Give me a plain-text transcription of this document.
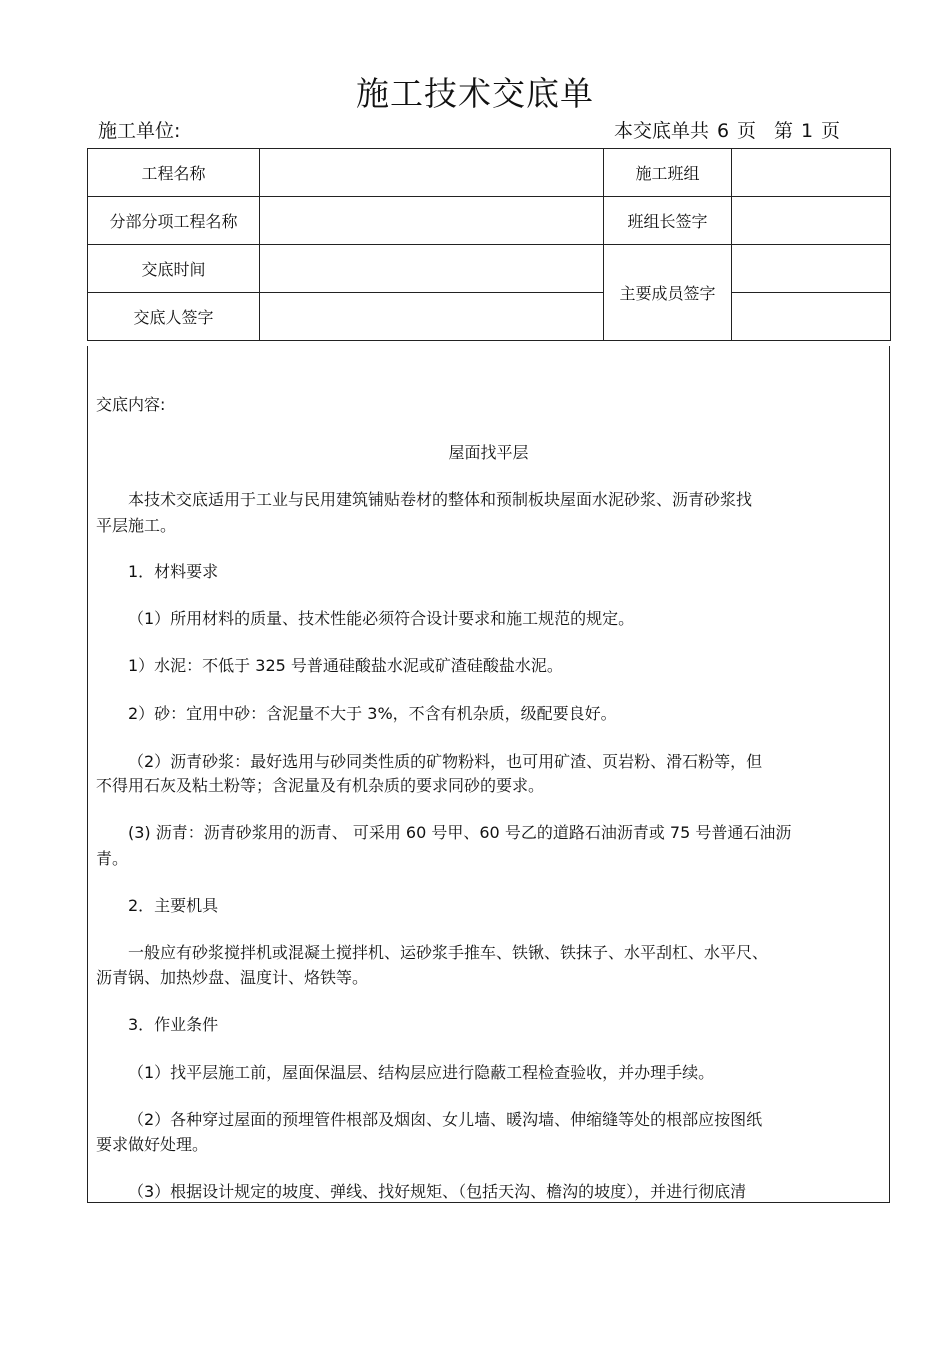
施工技术交底单
施工单位:	本交底单共 6 页 第 1 页
工程名称		施工班组	
分部分项工程名称		班组长签字	
交底时间		主要成员签字	
交底人签字			
交底内容:
屋面找平层
本技术交底适用于工业与民用建筑铺贴卷材的整体和预制板块屋面水泥砂浆、沥青砂浆找
平层施工。
1．材料要求
（1）所用材料的质量、技术性能必须符合设计要求和施工规范的规定。
1）水泥：不低于 325 号普通硅酸盐水泥或矿渣硅酸盐水泥。
2）砂：宜用中砂：含泥量不大于 3%，不含有机杂质，级配要良好。
（2）沥青砂浆：最好选用与砂同类性质的矿物粉料，也可用矿渣、页岩粉、滑石粉等，但
不得用石灰及粘土粉等；含泥量及有机杂质的要求同砂的要求。
(3) 沥青：沥青砂浆用的沥青、 可采用 60 号甲、60 号乙的道路石油沥青或 75 号普通石油沥
青。
2．主要机具
一般应有砂浆搅拌机或混凝土搅拌机、运砂浆手推车、铁锹、铁抹子、水平刮杠、水平尺、
沥青锅、加热炒盘、温度计、烙铁等。
3．作业条件
（1）找平层施工前，屋面保温层、结构层应进行隐蔽工程检查验收，并办理手续。
（2）各种穿过屋面的预埋管件根部及烟囱、女儿墙、暖沟墙、伸缩缝等处的根部应按图纸
要求做好处理。
（3）根据设计规定的坡度、弹线、找好规矩、（包括天沟、檐沟的坡度），并进行彻底清
